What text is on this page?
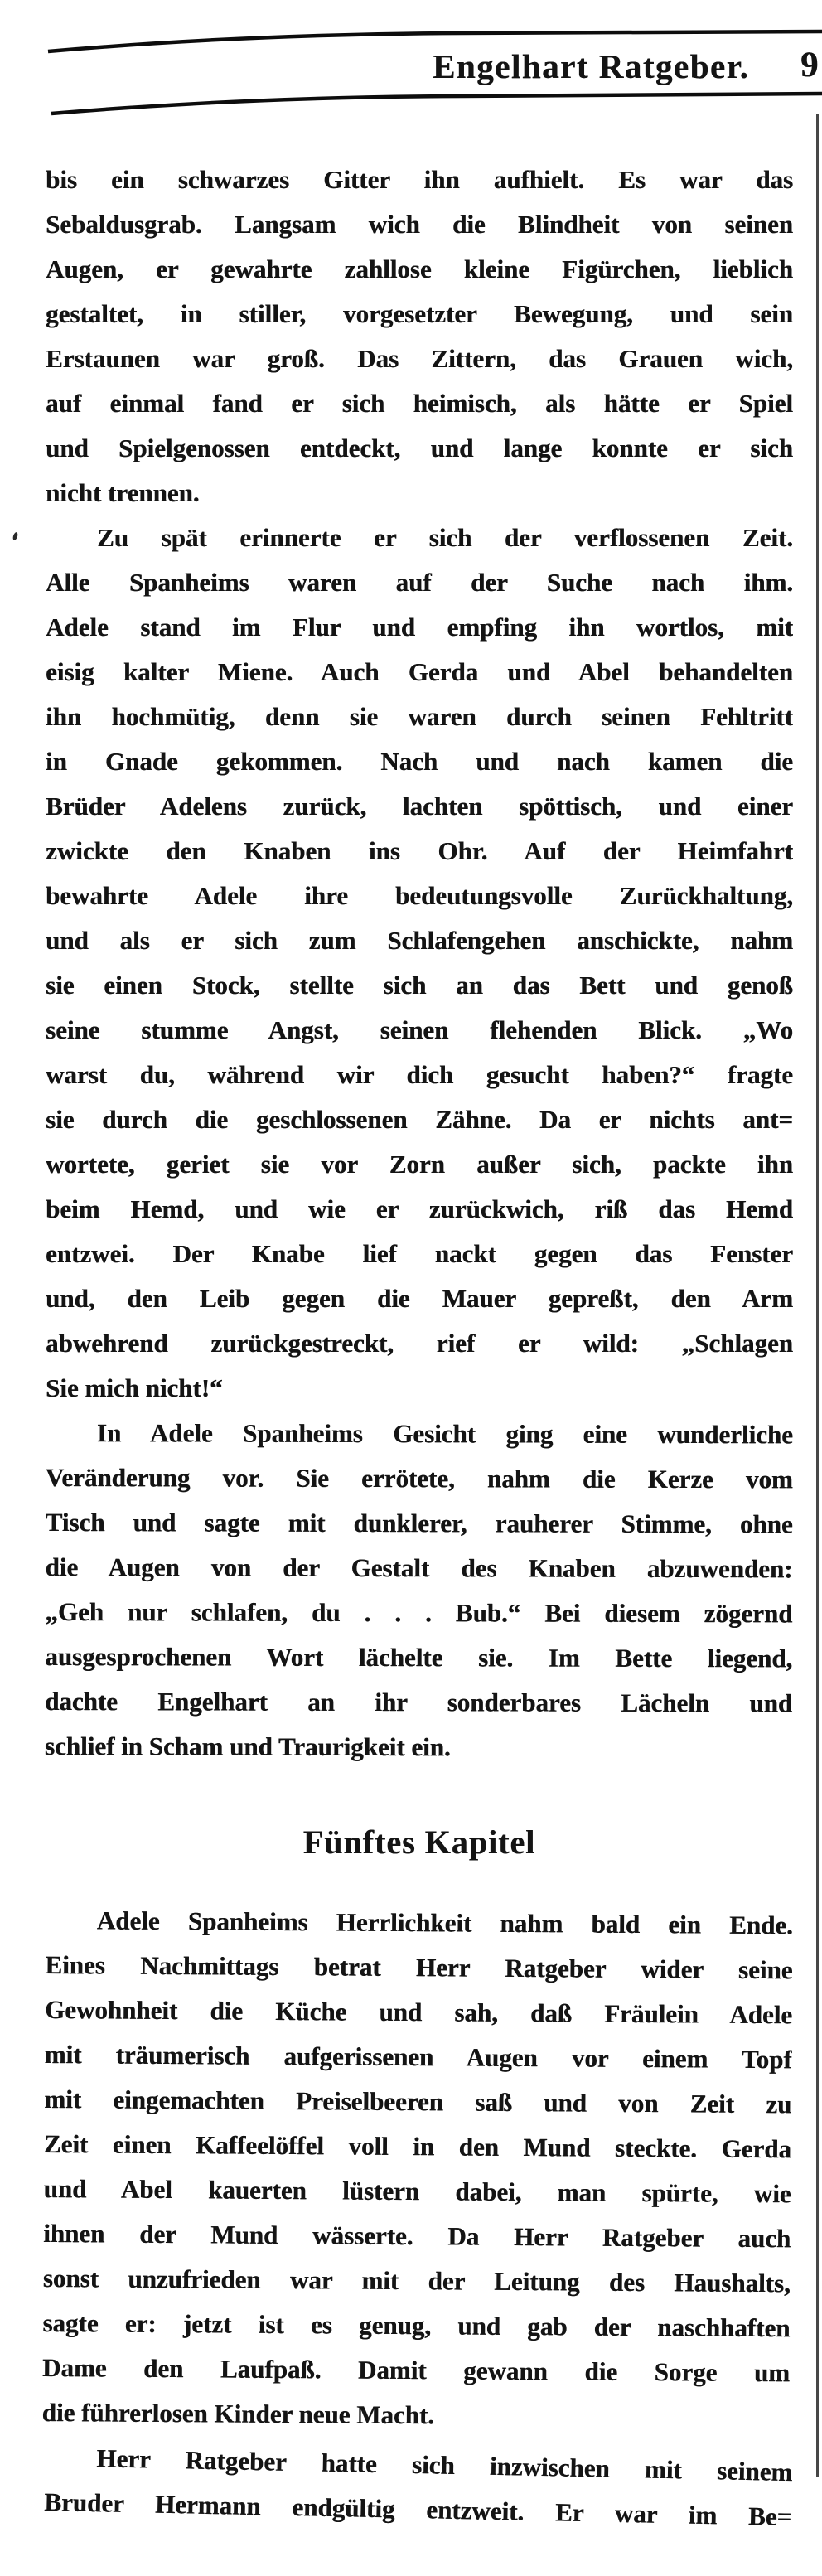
Engelhart Ratgeber. 9
bis ein schwarzes Gitter ihn aufhielt. Es war das
Sebaldusgrab. Langsam wich die Blindheit von seinen
Augen, er gewahrte zahllose kleine Figürchen, lieblich
gestaltet, in stiller, vorgesetzter Bewegung, und sein
Erstaunen war groß. Das Zittern, das Grauen wich,
auf einmal fand er sich heimisch, als hätte er Spiel
und Spielgenossen entdeckt, und lange konnte er sich
nicht trennen.
Zu spät erinnerte er sich der verflossenen Zeit.
Alle Spanheims waren auf der Suche nach ihm.
Adele stand im Flur und empfing ihn wortlos, mit
eisig kalter Miene. Auch Gerda und Abel behandelten
ihn hochmütig, denn sie waren durch seinen Fehltritt
in Gnade gekommen. Nach und nach kamen die
Brüder Adelens zurück, lachten spöttisch, und einer
zwickte den Knaben ins Ohr. Auf der Heimfahrt
bewahrte Adele ihre bedeutungsvolle Zurückhaltung,
und als er sich zum Schlafengehen anschickte, nahm
sie einen Stock, stellte sich an das Bett und genoß
seine stumme Angst, seinen flehenden Blick. „Wo
warst du, während wir dich gesucht haben?“ fragte
sie durch die geschlossenen Zähne. Da er nichts ant=
wortete, geriet sie vor Zorn außer sich, packte ihn
beim Hemd, und wie er zurückwich, riß das Hemd
entzwei. Der Knabe lief nackt gegen das Fenster
und, den Leib gegen die Mauer gepreßt, den Arm
abwehrend zurückgestreckt, rief er wild: „Schlagen
Sie mich nicht!“
In Adele Spanheims Gesicht ging eine wunderliche
Veränderung vor. Sie errötete, nahm die Kerze vom
Tisch und sagte mit dunklerer, rauherer Stimme, ohne
die Augen von der Gestalt des Knaben abzuwenden:
„Geh nur schlafen, du . . . Bub.“ Bei diesem zögernd
ausgesprochenen Wort lächelte sie. Im Bette liegend,
dachte Engelhart an ihr sonderbares Lächeln und
schlief in Scham und Traurigkeit ein.
Fünftes Kapitel
Adele Spanheims Herrlichkeit nahm bald ein Ende.
Eines Nachmittags betrat Herr Ratgeber wider seine
Gewohnheit die Küche und sah, daß Fräulein Adele
mit träumerisch aufgerissenen Augen vor einem Topf
mit eingemachten Preiselbeeren saß und von Zeit zu
Zeit einen Kaffeelöffel voll in den Mund steckte. Gerda
und Abel kauerten lüstern dabei, man spürte, wie
ihnen der Mund wässerte. Da Herr Ratgeber auch
sonst unzufrieden war mit der Leitung des Haushalts,
sagte er: jetzt ist es genug, und gab der naschhaften
Dame den Laufpaß. Damit gewann die Sorge um
die führerlosen Kinder neue Macht.
Herr Ratgeber hatte sich inzwischen mit seinem
Bruder Hermann endgültig entzweit. Er war im Be=
